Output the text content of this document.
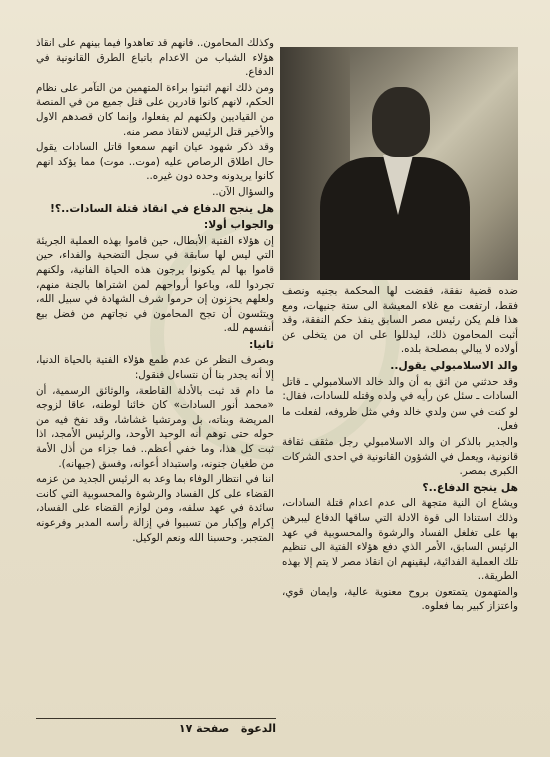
وكذلك المحامون.. فانهم قد تعاهدوا فيما بينهم على انقاذ هؤلاء الشباب من الاعدام باتباع الطرق القانونية في الدفاع.

ومن ذلك انهم اثبتوا براءة المتهمين من التآمر على نظام الحكم، لانهم كانوا قادرين على قتل جميع من في المنصة من القياديين ولكنهم لم يفعلوا، وإنما كان قصدهم الاول والأخير قتل الرئيس لانقاذ مصر منه.

وقد ذكر شهود عيان انهم سمعوا قاتل السادات يقول حال اطلاق الرصاص عليه (موت.. موت) مما يؤكد انهم كانوا يريدونه وحده دون غيره..

والسؤال الآن..

هل ينجح الدفاع في انقاذ قتلة السادات..؟!
والجواب أولا:

إن هؤلاء الفتية الأبطال، حين قاموا بهذه العملية الجريئة التي ليس لها سابقة في سجل التضحية والفداء، حين قاموا بها لم يكونوا يرجون هذه الحياة الفانية، ولكنهم تجردوا لله، وباعوا أرواحهم لمن اشتراها بالجنة منهم، ولعلهم يحزنون إن حرموا شرف الشهادة في سبيل الله، ويتئسون أن تجح المحامون في نجاتهم من فضل بيع أنفسهم لله.

ثانيا:

وبصرف النظر عن عدم طمع هؤلاء الفتية بالحياة الدنيا، إلا أنه يجدر بنا أن نتساءل فنقول:

ما دام قد ثبت بالأدلة القاطعة، والوثائق الرسمية، أن «محمد أنور السادات» كان خائنا لوطنه، عاقا لزوجه المريضة وبناته، بل ومرتشيا غشاشا، وقد نفخ فيه من حوله حتى توهم أنه الوحيد الأوحد، والرئيس الأمجد، اذا ثبت كل هذا، وما خفي أعظم.. فما جزاء من أذل الأمة من طغيان جنونه، واستبداد أعوانه، وفسق (جيهانه).

اننا في انتظار الوفاء بما وعد به الرئيس الجديد من عزمه القضاء على كل الفساد والرشوة والمحسوبية التي كانت سائدة في عهد سلفه، ومن لوازم القضاء على الفساد، إكرام وإكبار من تسببوا في إزالة رأسه المدبر وفرعونه المتجبر. وحسبنا الله ونعم الوكيل.

ضده قضية نفقة، فقضت لها المحكمة بجنيه ونصف فقط، ارتفعت مع غلاء المعيشة الى ستة جنيهات، ومع هذا فلم يكن رئيس مصر السابق ينفذ حكم النفقة، وقد أثبت المحامون ذلك، ليدللوا على ان من يتخلى عن أولاده لا يبالي بمصلحة بلده.

والد الاسلامبولي يقول..

وقد حدثني من اثق به أن والد خالد الاسلامبولي ـ قاتل السادات ـ سئل عن رأيه في ولده وقتله للسادات، فقال:

لو كنت في سن ولدي خالد وفي مثل ظروفه، لفعلت ما فعل.

والجدير بالذكر ان والد الاسلامبولي رجل مثقف ثقافة قانونية، ويعمل في الشؤون القانونية في احدى الشركات الكبرى بمصر.

هل ينجح الدفاع..؟

ويشاع ان النية متجهة الى عدم اعدام قتلة السادات، وذلك استنادا الى قوة الادلة التي ساقها الدفاع ليبرهن بها على تغلغل الفساد والرشوة والمحسوبية في عهد الرئيس السابق، الأمر الذي دفع هؤلاء الفتية الى تنظيم تلك العملية الفدائية، ليقينهم ان انقاذ مصر لا يتم إلا بهذه الطريقة..

والمتهمون يتمتعون بروح معنوية عالية، وايمان قوي، واعتزاز كبير بما فعلوه.

الدعوة   صفحة ١٧
